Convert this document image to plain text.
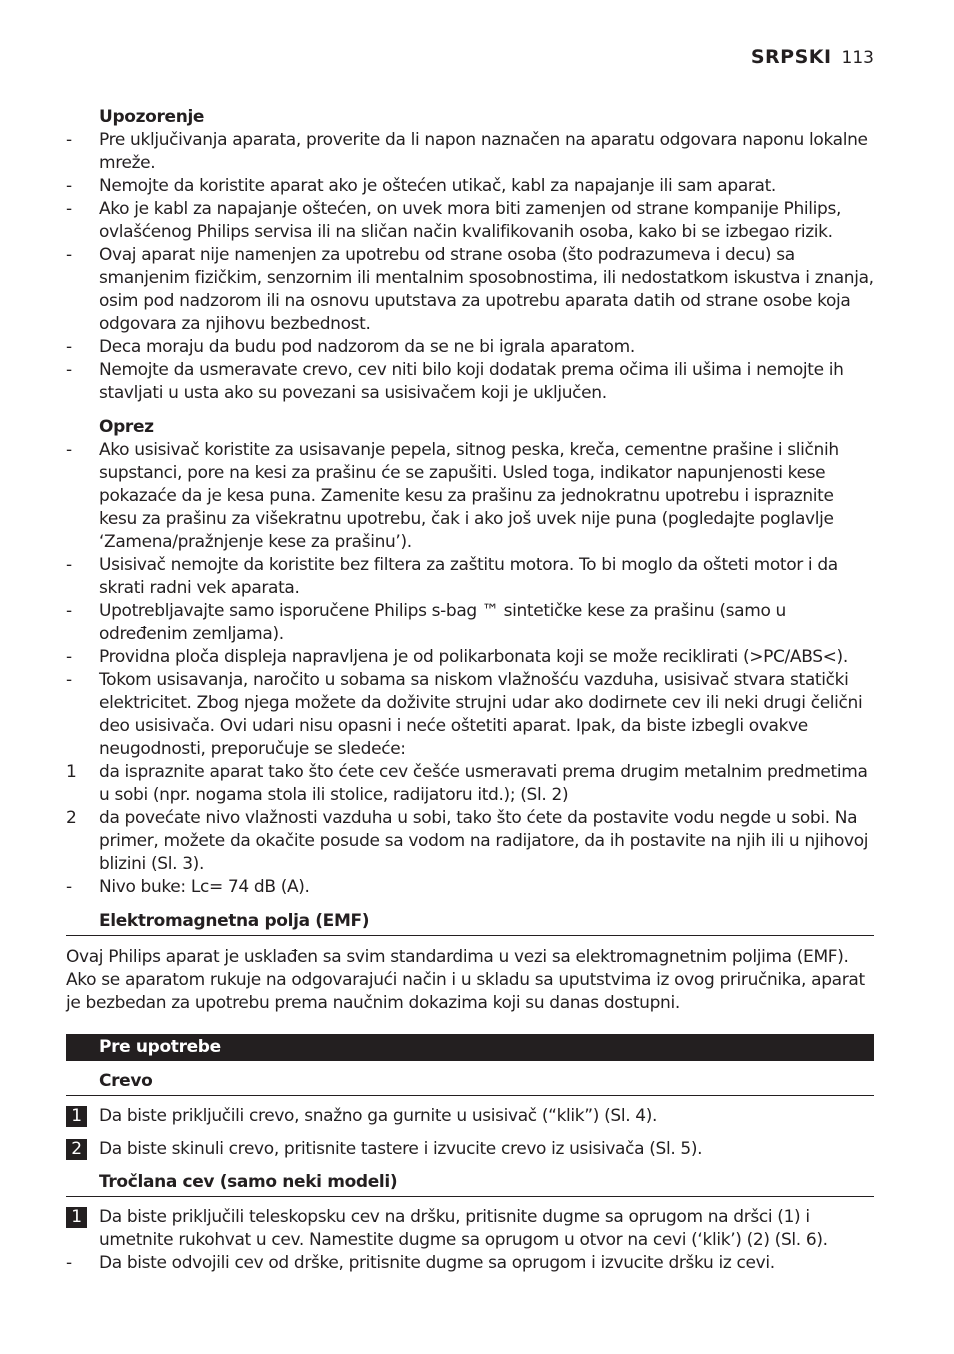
SRPSKI 113
Upozorenje
-	Pre uključivanja aparata, proverite da li napon naznačen na aparatu odgovara naponu lokalne mreže.
-	Nemojte da koristite aparat ako je oštećen utikač, kabl za napajanje ili sam aparat.
-	Ako je kabl za napajanje oštećen, on uvek mora biti zamenjen od strane kompanije Philips, ovlašćenog Philips servisa ili na sličan način kvalifikovanih osoba, kako bi se izbegao rizik.
-	Ovaj aparat nije namenjen za upotrebu od strane osoba (što podrazumeva i decu) sa smanjenim fizičkim, senzornim ili mentalnim sposobnostima, ili nedostatkom iskustva i znanja, osim pod nadzorom ili na osnovu uputstava za upotrebu aparata datih od strane osobe koja odgovara za njihovu bezbednost.
-	Deca moraju da budu pod nadzorom da se ne bi igrala aparatom.
-	Nemojte da usmeravate crevo, cev niti bilo koji dodatak prema očima ili ušima i nemojte ih stavljati u usta ako su povezani sa usisivačem koji je uključen.
Oprez
-	Ako usisivač koristite za usisavanje pepela, sitnog peska, kreča, cementne prašine i sličnih supstanci, pore na kesi za prašinu će se zapušiti. Usled toga, indikator napunjenosti kese pokazaće da je kesa puna. Zamenite kesu za prašinu za jednokratnu upotrebu i ispraznite kesu za prašinu za višekratnu upotrebu, čak i ako još uvek nije puna (pogledajte poglavlje ‘Zamena/pražnjenje kese za prašinu’).
-	Usisivač nemojte da koristite bez filtera za zaštitu motora. To bi moglo da ošteti motor i da skrati radni vek aparata.
-	Upotrebljavajte samo isporučene Philips s-bag ™ sintetičke kese za prašinu (samo u određenim zemljama).
-	Providna ploča displeja napravljena je od polikarbonata koji se može reciklirati (>PC/ABS<).
-	Tokom usisavanja, naročito u sobama sa niskom vlažnošću vazduha, usisivač stvara statički elektricitet. Zbog njega možete da doživite strujni udar ako dodirnete cev ili neki drugi čelični deo usisivača. Ovi udari nisu opasni i neće oštetiti aparat. Ipak, da biste izbegli ovakve neugodnosti, preporučuje se sledeće:
1	da ispraznite aparat tako što ćete cev češće usmeravati prema drugim metalnim predmetima u sobi (npr. nogama stola ili stolice, radijatoru itd.); (Sl. 2)
2	da povećate nivo vlažnosti vazduha u sobi, tako što ćete da postavite vodu negde u sobi. Na primer, možete da okačite posude sa vodom na radijatore, da ih postavite na njih ili u njihovoj blizini (Sl. 3).
-	Nivo buke: Lc= 74 dB (A).
Elektromagnetna polja (EMF)
Ovaj Philips aparat je usklađen sa svim standardima u vezi sa elektromagnetnim poljima (EMF). Ako se aparatom rukuje na odgovarajući način i u skladu sa uputstvima iz ovog priručnika, aparat je bezbedan za upotrebu prema naučnim dokazima koji su danas dostupni.
Pre upotrebe
Crevo
1	Da biste priključili crevo, snažno ga gurnite u usisivač (“klik”) (Sl. 4).
2	Da biste skinuli crevo, pritisnite tastere i izvucite crevo iz usisivača (Sl. 5).
Tročlana cev (samo neki modeli)
1	Da biste priključili teleskopsku cev na dršku, pritisnite dugme sa oprugom na dršci (1) i umetnite rukohvat u cev. Namestite dugme sa oprugom u otvor na cevi (‘klik’) (2) (Sl. 6).
-	Da biste odvojili cev od drške, pritisnite dugme sa oprugom i izvucite dršku iz cevi.
